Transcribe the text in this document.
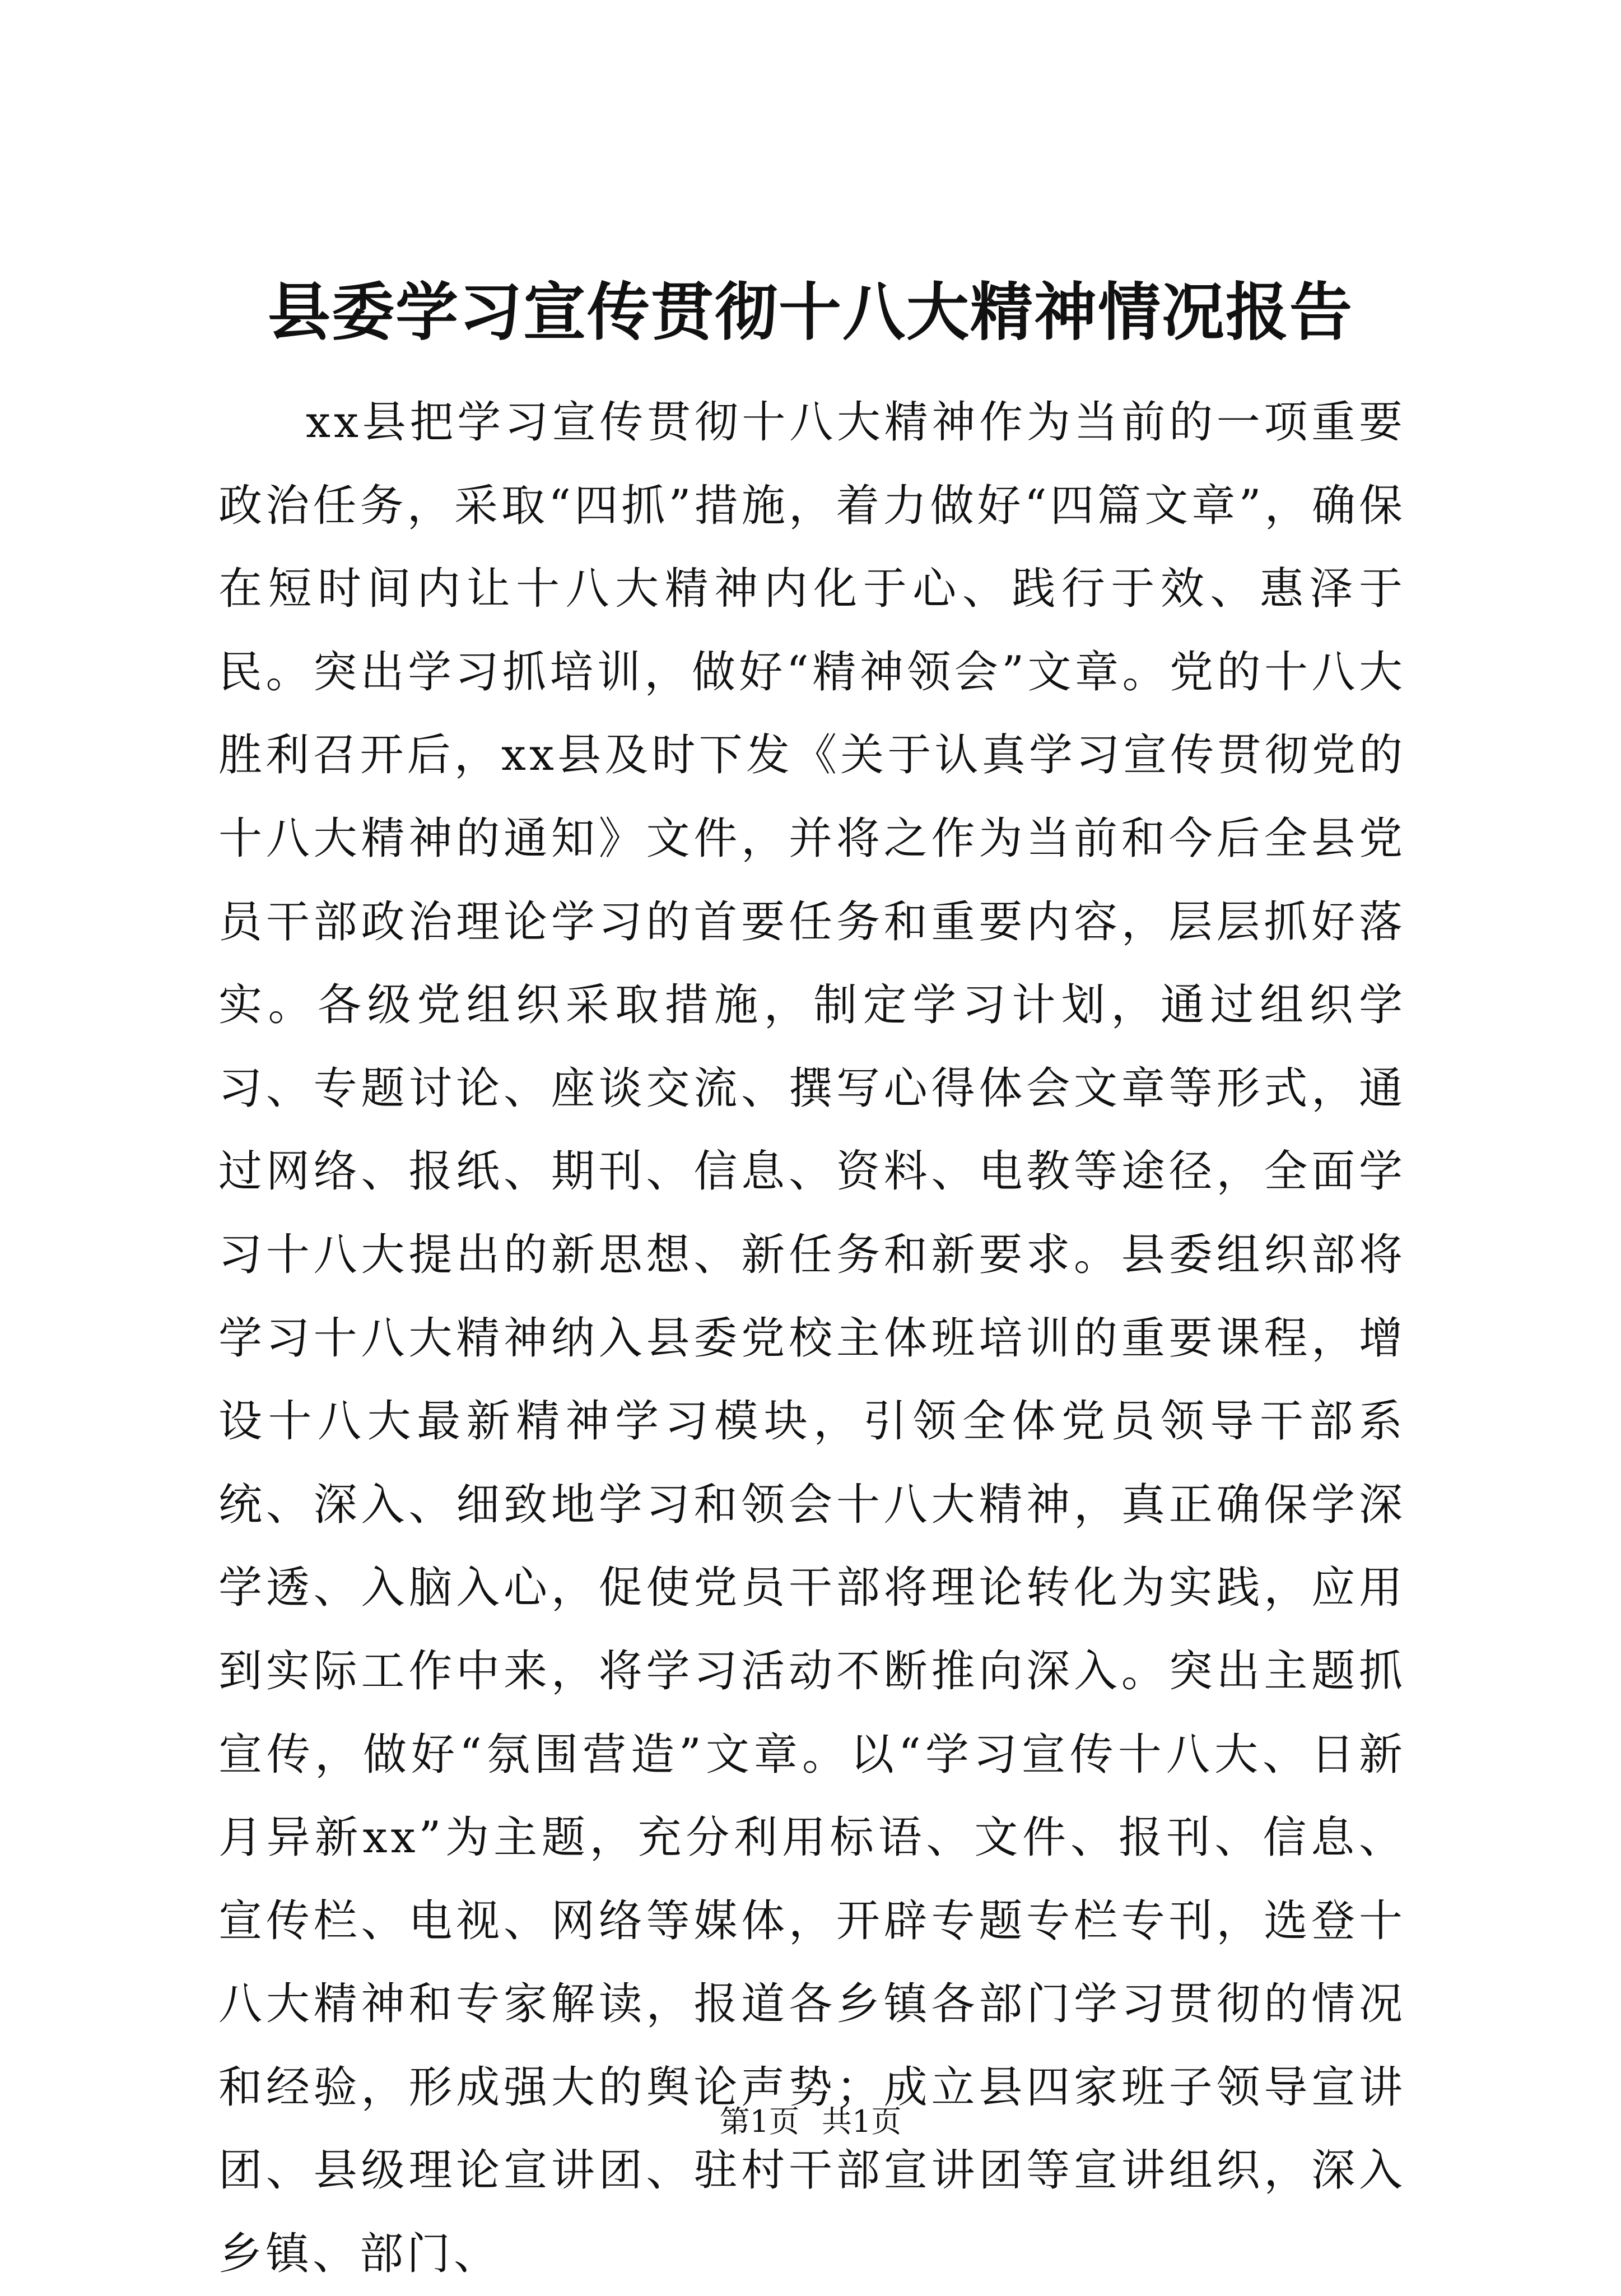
县委学习宣传贯彻十八大精神情况报告

xx县把学习宣传贯彻十八大精神作为当前的一项重要政治任务，采取“四抓”措施，着力做好“四篇文章”，确保在短时间内让十八大精神内化于心、践行于效、惠泽于民。突出学习抓培训，做好“精神领会”文章。党的十八大胜利召开后，xx县及时下发《关于认真学习宣传贯彻党的十八大精神的通知》文件，并将之作为当前和今后全县党员干部政治理论学习的首要任务和重要内容，层层抓好落实。各级党组织采取措施，制定学习计划，通过组织学习、专题讨论、座谈交流、撰写心得体会文章等形式，通过网络、报纸、期刊、信息、资料、电教等途径，全面学习十八大提出的新思想、新任务和新要求。县委组织部将学习十八大精神纳入县委党校主体班培训的重要课程，增设十八大最新精神学习模块，引领全体党员领导干部系统、深入、细致地学习和领会十八大精神，真正确保学深学透、入脑入心，促使党员干部将理论转化为实践，应用到实际工作中来，将学习活动不断推向深入。突出主题抓宣传，做好“氛围营造”文章。以“学习宣传十八大、日新月异新xx”为主题，充分利用标语、文件、报刊、信息、宣传栏、电视、网络等媒体，开辟专题专栏专刊，选登十八大精神和专家解读，报道各乡镇各部门学习贯彻的情况和经验，形成强大的舆论声势；成立县四家班子领导宣讲团、县级理论宣讲团、驻村干部宣讲团等宣讲组织，深入乡镇、部门、

第1页 共1页
